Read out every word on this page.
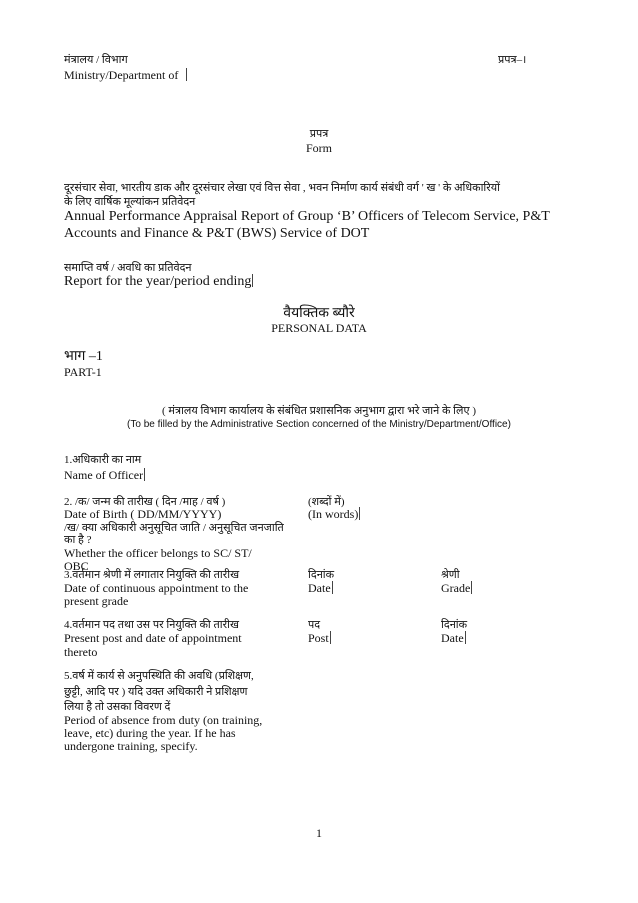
मंत्रालय / विभाग	प्रपत्र–।
Ministry/Department of
प्रपत्र
Form
दूरसंचार सेवा, भारतीय डाक और दूरसंचार लेखा एवं वित्त सेवा , भवन निर्माण कार्य संबंधी वर्ग ' ख ' के अधिकारियों
के लिए वार्षिक मूल्यांकन प्रतिवेदन
Annual Performance Appraisal Report of Group ‘B’ Officers of Telecom Service, P&T
Accounts and Finance & P&T (BWS) Service of DOT
समाप्ति वर्ष / अवधि का प्रतिवेदन
Report for the year/period ending
वैयक्तिक ब्यौरे
PERSONAL DATA
भाग –1
PART-1
( मंत्रालय विभाग कार्यालय के संबंधित प्रशासनिक अनुभाग द्वारा भरे जाने के लिए )
(To be filled by the Administrative Section concerned of the Ministry/Department/Office)
1.अधिकारी का नाम
Name of Officer
2. /क/ जन्म की तारीख ( दिन /माह / वर्ष )
Date of Birth ( DD/MM/YYYY)
(शब्दों में)
(In words)
/ख/ क्या अधिकारी अनुसूचित जाति / अनुसूचित जनजाति
का है ?
Whether the officer belongs to SC/ ST/
OBC
3.वर्तमान श्रेणी में लगातार नियुक्ति की तारीख
Date of continuous appointment to the
present grade
दिनांक
Date
श्रेणी
Grade
4.वर्तमान पद तथा उस पर नियुक्ति की तारीख
Present post and date of appointment
thereto
पद
Post
दिनांक
Date
5.वर्ष में कार्य से अनुपस्थिति की अवधि (प्रशिक्षण,
छुट्टी, आदि पर ) यदि उक्त अधिकारी ने प्रशिक्षण
लिया है तो उसका विवरण दें
Period of absence from duty (on training,
leave, etc) during the year. If he has
undergone training, specify.
1
